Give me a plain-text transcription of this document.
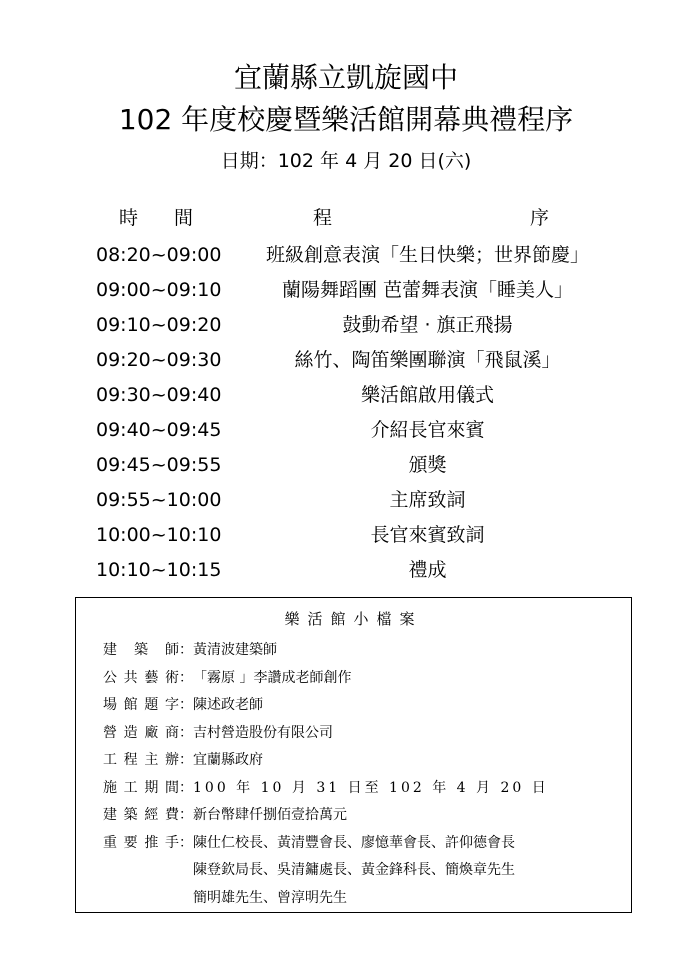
宜蘭縣立凱旋國中
102 年度校慶暨樂活館開幕典禮程序
日期：102 年 4 月 20 日(六)
時間	程	序
08:20~09:00	班級創意表演「生日快樂；世界節慶」
09:00~09:10	蘭陽舞蹈團 芭蕾舞表演「睡美人」
09:10~09:20	鼓動希望 ‧ 旗正飛揚
09:20~09:30	絲竹、陶笛樂團聯演「飛鼠溪」
09:30~09:40	樂活館啟用儀式
09:40~09:45	介紹長官來賓
09:45~09:55	頒獎
09:55~10:00	主席致詞
10:00~10:10	長官來賓致詞
10:10~10:15	禮成
樂活館小檔案
建築師：黃清波建築師
公共藝術：「霧原 」李讚成老師創作
場館題字：陳述政老師
營造廠商：吉村營造股份有限公司
工程主辦：宜蘭縣政府
施工期間：100 年 10 月 31 日至 102 年 4 月 20 日
建築經費：新台幣肆仟捌佰壹拾萬元
重要推手：陳仕仁校長、黃清豐會長、廖憶華會長、許仰德會長
陳登欽局長、吳清鏞處長、黃金鋒科長、簡煥章先生
簡明雄先生、曾淳明先生
